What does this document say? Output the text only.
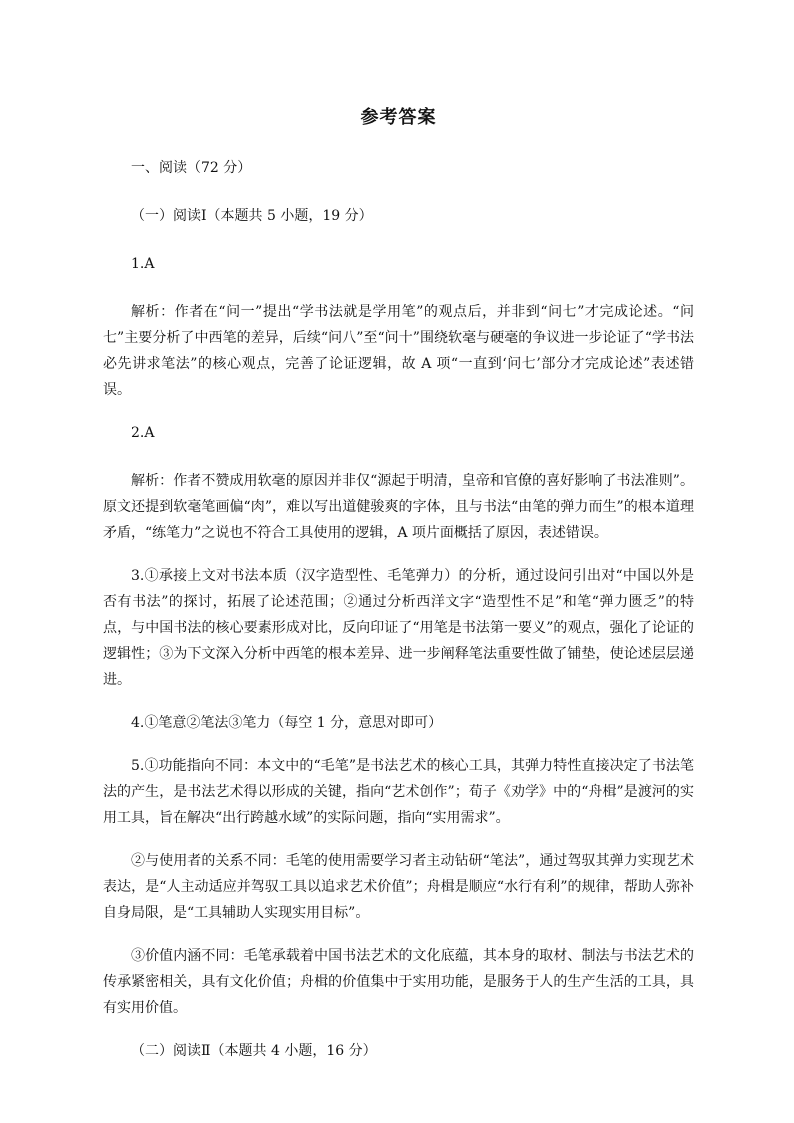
参考答案
一、阅读（72 分）
（一）阅读Ⅰ（本题共 5 小题，19 分）
1.A
解析：作者在“问一”提出“学书法就是学用笔”的观点后，并非到“问七”才完成论述。“问七”主要分析了中西笔的差异，后续“问八”至“问十”围绕软毫与硬毫的争议进一步论证了“学书法必先讲求笔法”的核心观点，完善了论证逻辑，故 A 项“一直到‘问七’部分才完成论述”表述错误。
2.A
解析：作者不赞成用软毫的原因并非仅“源起于明清，皇帝和官僚的喜好影响了书法准则”。原文还提到软毫笔画偏“肉”，难以写出道健骏爽的字体，且与书法“由笔的弹力而生”的根本道理矛盾，“练笔力”之说也不符合工具使用的逻辑，A 项片面概括了原因，表述错误。
3.①承接上文对书法本质（汉字造型性、毛笔弹力）的分析，通过设问引出对“中国以外是否有书法”的探讨，拓展了论述范围；②通过分析西洋文字“造型性不足”和笔“弹力匮乏”的特点，与中国书法的核心要素形成对比，反向印证了“用笔是书法第一要义”的观点，强化了论证的逻辑性；③为下文深入分析中西笔的根本差异、进一步阐释笔法重要性做了铺垫，使论述层层递进。
4.①笔意②笔法③笔力（每空 1 分，意思对即可）
5.①功能指向不同：本文中的“毛笔”是书法艺术的核心工具，其弹力特性直接决定了书法笔法的产生，是书法艺术得以形成的关键，指向“艺术创作”；荀子《劝学》中的“舟楫”是渡河的实用工具，旨在解决“出行跨越水域”的实际问题，指向“实用需求”。
②与使用者的关系不同：毛笔的使用需要学习者主动钻研“笔法”，通过驾驭其弹力实现艺术表达，是“人主动适应并驾驭工具以追求艺术价值”；舟楫是顺应“水行有利”的规律，帮助人弥补自身局限，是“工具辅助人实现实用目标”。
③价值内涵不同：毛笔承载着中国书法艺术的文化底蕴，其本身的取材、制法与书法艺术的传承紧密相关，具有文化价值；舟楫的价值集中于实用功能，是服务于人的生产生活的工具，具有实用价值。
（二）阅读Ⅱ（本题共 4 小题，16 分）
